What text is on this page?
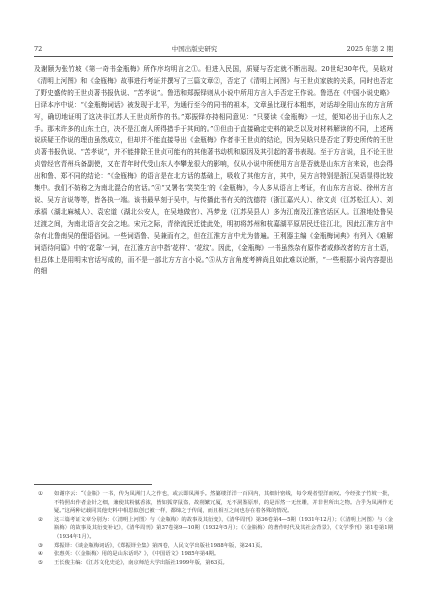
72	中国出版史研究	2025 年第 2 期

及谢颐为张竹坡《第一奇书金瓶梅》所作序均明言之①。但进入民国，质疑与否定就不断出现。20世纪30年代，吴晗对《清明上河图》和《金瓶梅》故事进行考证并撰写了三篇文章②，否定了《清明上河图》与王世贞家族的关系，同时也否定了野史盛传的王世贞著书报仇说、“苦孝说”。鲁迅和郑振铎则从小说中所用方言入手否定王作说。鲁迅在《中国小说史略》日译本序中说：“《金瓶梅词话》被发现于北平，为通行至今的同书的祖本，文章虽比现行本粗率，对话却全用山东的方言所写，确切地证明了这决非江苏人王世贞所作的书。”郑振铎亦持相同意见：“只要读《金瓶梅》一过，便知必出于山东人之手。那末许多的山东土白，决不是江南人所得措手于其间的。”③但由于直接确定史料的缺乏以及对材料解读的不同，上述两说质疑王作说的理由虽然成立，但却并不能直接导出《金瓶梅》作者非王世贞的结论，因为吴晗只是否定了野史所传的王世贞著书报仇说、“苦孝说”，并不能排除王世贞可能有的其他著书动机和原因及其引起的著书表现。至于方言说，且不论王世贞曾经官青州兵备副使，又在青年时代受山东人李攀龙很大的影响，仅从小说中所使用方言是否就是山东方言来说，也会得出和鲁、郑不同的结论：“《金瓶梅》的语言是在北方话的基础上，吸收了其他方言，其中，吴方言特别是浙江吴语显得比较集中。我们不妨称之为南北混合的官话。”④“又署名‘笑笑生’的《金瓶梅》，今人多从语言上考证，有山东方言说、徐州方言说、吴方言说等等，皆各执一端。该书最早刻于吴中，与传播此书有关的沈德符（浙江嘉兴人）、徐文贞（江苏松江人）、刘承禧（湖北麻城人）、袁宏道（湖北公安人，在吴地做官）、冯梦龙（江苏吴县人）多为江南及江淮官话区人。江淮地处鲁吴过渡之间，为南北语言交会之地。宋元之际，青徐流民迁徙此处，明初将苏州和杭嘉湖平原居民迁往江北，因此江淮方言中杂有北鲁南吴的俚语俗词。一些词语鲁、吴兼而有之，但在江淮方言中尤为普遍。王利器主编《金瓶梅词典》有列入《难解词语待问篇》中的‘花靠’一词，在江淮方言中指‘花样’、‘花纹’。因此，《金瓶梅》一书虽然杂有原作者或修改者的方言土语，但总体上是用明末官话写成的，而不是一部北方方言小说。”⑤从方言角度考辨尚且如此难以论断，“一些根据小说内容提出的细

①	如谢序云：“《金瓶》一书，传为凤洲门人之作也，或云即凤洲手。然纂缕洋洋一百回内，其细针密线，每令观者望洋而叹。今经张子竹坡一批，不特照出作者金针之细，兼使其粉腻香浓，皆如狐穿鼠盗，故削繁冗厦，无不洞鉴原形，的是浑然一无丝雕，并非世所出之物。合乎为凤洲作无疑。”这两种记载同其他史料中相思似创已被一样，都缔之于传闻，而且相互之间也存在着各殊的情况。
②	这三篇考证文章分别为：《〈清明上河图〉与〈金瓶梅〉的故事及其衍变》，《清华周刊》第36卷第4—5期（1931年12月）；《〈清明上河图〉与〈金瓶梅〉的故事及其衍变补记》，《清华周刊》第37卷第9—10期（1932年5月）；《〈金瓶梅〉的著作时代及其社会背景》，《文学季刊》第1卷第1期（1934年1月）。
③	郑振铎：《谈金瓶梅词话》，《郑振铎全集》第四卷，人民文学出版社1988年版，第241页。
④	张惠英：《〈金瓶梅〉用的是山东话吗？》，《中国语文》1985年第4期。
⑤	王长俊主编：《江苏文化史论》，南京师范大学出版社1999年版，第63页。
